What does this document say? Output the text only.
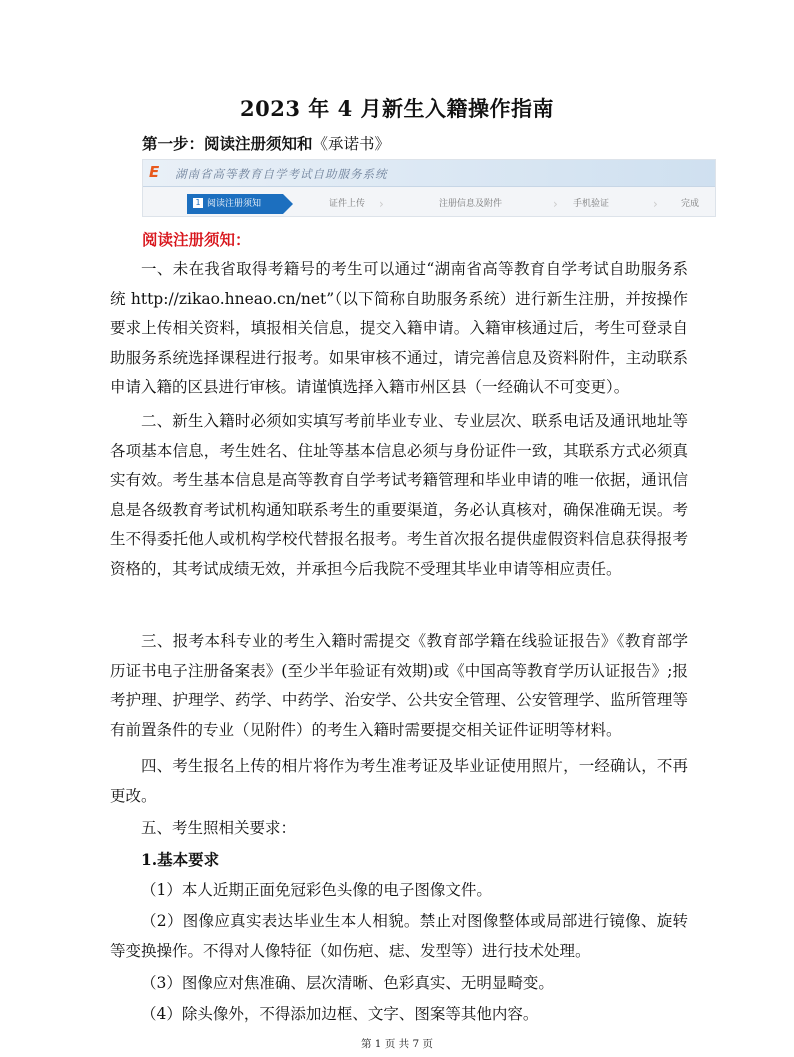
2023 年 4 月新生入籍操作指南
第一步：阅读注册须知和《承诺书》
E	湖南省高等教育自学考试自助服务系统
1 阅读注册须知	›
证件上传	›
注册信息及附件	›
手机验证	完成
阅读注册须知：

一、未在我省取得考籍号的考生可以通过“湖南省高等教育自学考试自助服务系统 http://zikao.hneao.cn/net”（以下简称自助服务系统）进行新生注册，并按操作要求上传相关资料，填报相关信息，提交入籍申请。入籍审核通过后，考生可登录自助服务系统选择课程进行报考。如果审核不通过，请完善信息及资料附件，主动联系申请入籍的区县进行审核。请谨慎选择入籍市州区县（一经确认不可变更）。

二、新生入籍时必须如实填写考前毕业专业、专业层次、联系电话及通讯地址等各项基本信息，考生姓名、住址等基本信息必须与身份证件一致，其联系方式必须真实有效。考生基本信息是高等教育自学考试考籍管理和毕业申请的唯一依据，通讯信息是各级教育考试机构通知联系考生的重要渠道，务必认真核对，确保准确无误。考生不得委托他人或机构学校代替报名报考。考生首次报名提供虚假资料信息获得报考资格的，其考试成绩无效，并承担今后我院不受理其毕业申请等相应责任。

三、报考本科专业的考生入籍时需提交《教育部学籍在线验证报告》《教育部学历证书电子注册备案表》(至少半年验证有效期)或《中国高等教育学历认证报告》;报考护理、护理学、药学、中药学、治安学、公共安全管理、公安管理学、监所管理等有前置条件的专业（见附件）的考生入籍时需要提交相关证件证明等材料。

四、考生报名上传的相片将作为考生准考证及毕业证使用照片，一经确认，不再更改。

五、考生照相关要求：

1.基本要求

（1）本人近期正面免冠彩色头像的电子图像文件。

（2）图像应真实表达毕业生本人相貌。禁止对图像整体或局部进行镜像、旋转等变换操作。不得对人像特征（如伤疤、痣、发型等）进行技术处理。

（3）图像应对焦准确、层次清晰、色彩真实、无明显畸变。

（4）除头像外，不得添加边框、文字、图案等其他内容。

第 1 页 共 7 页
